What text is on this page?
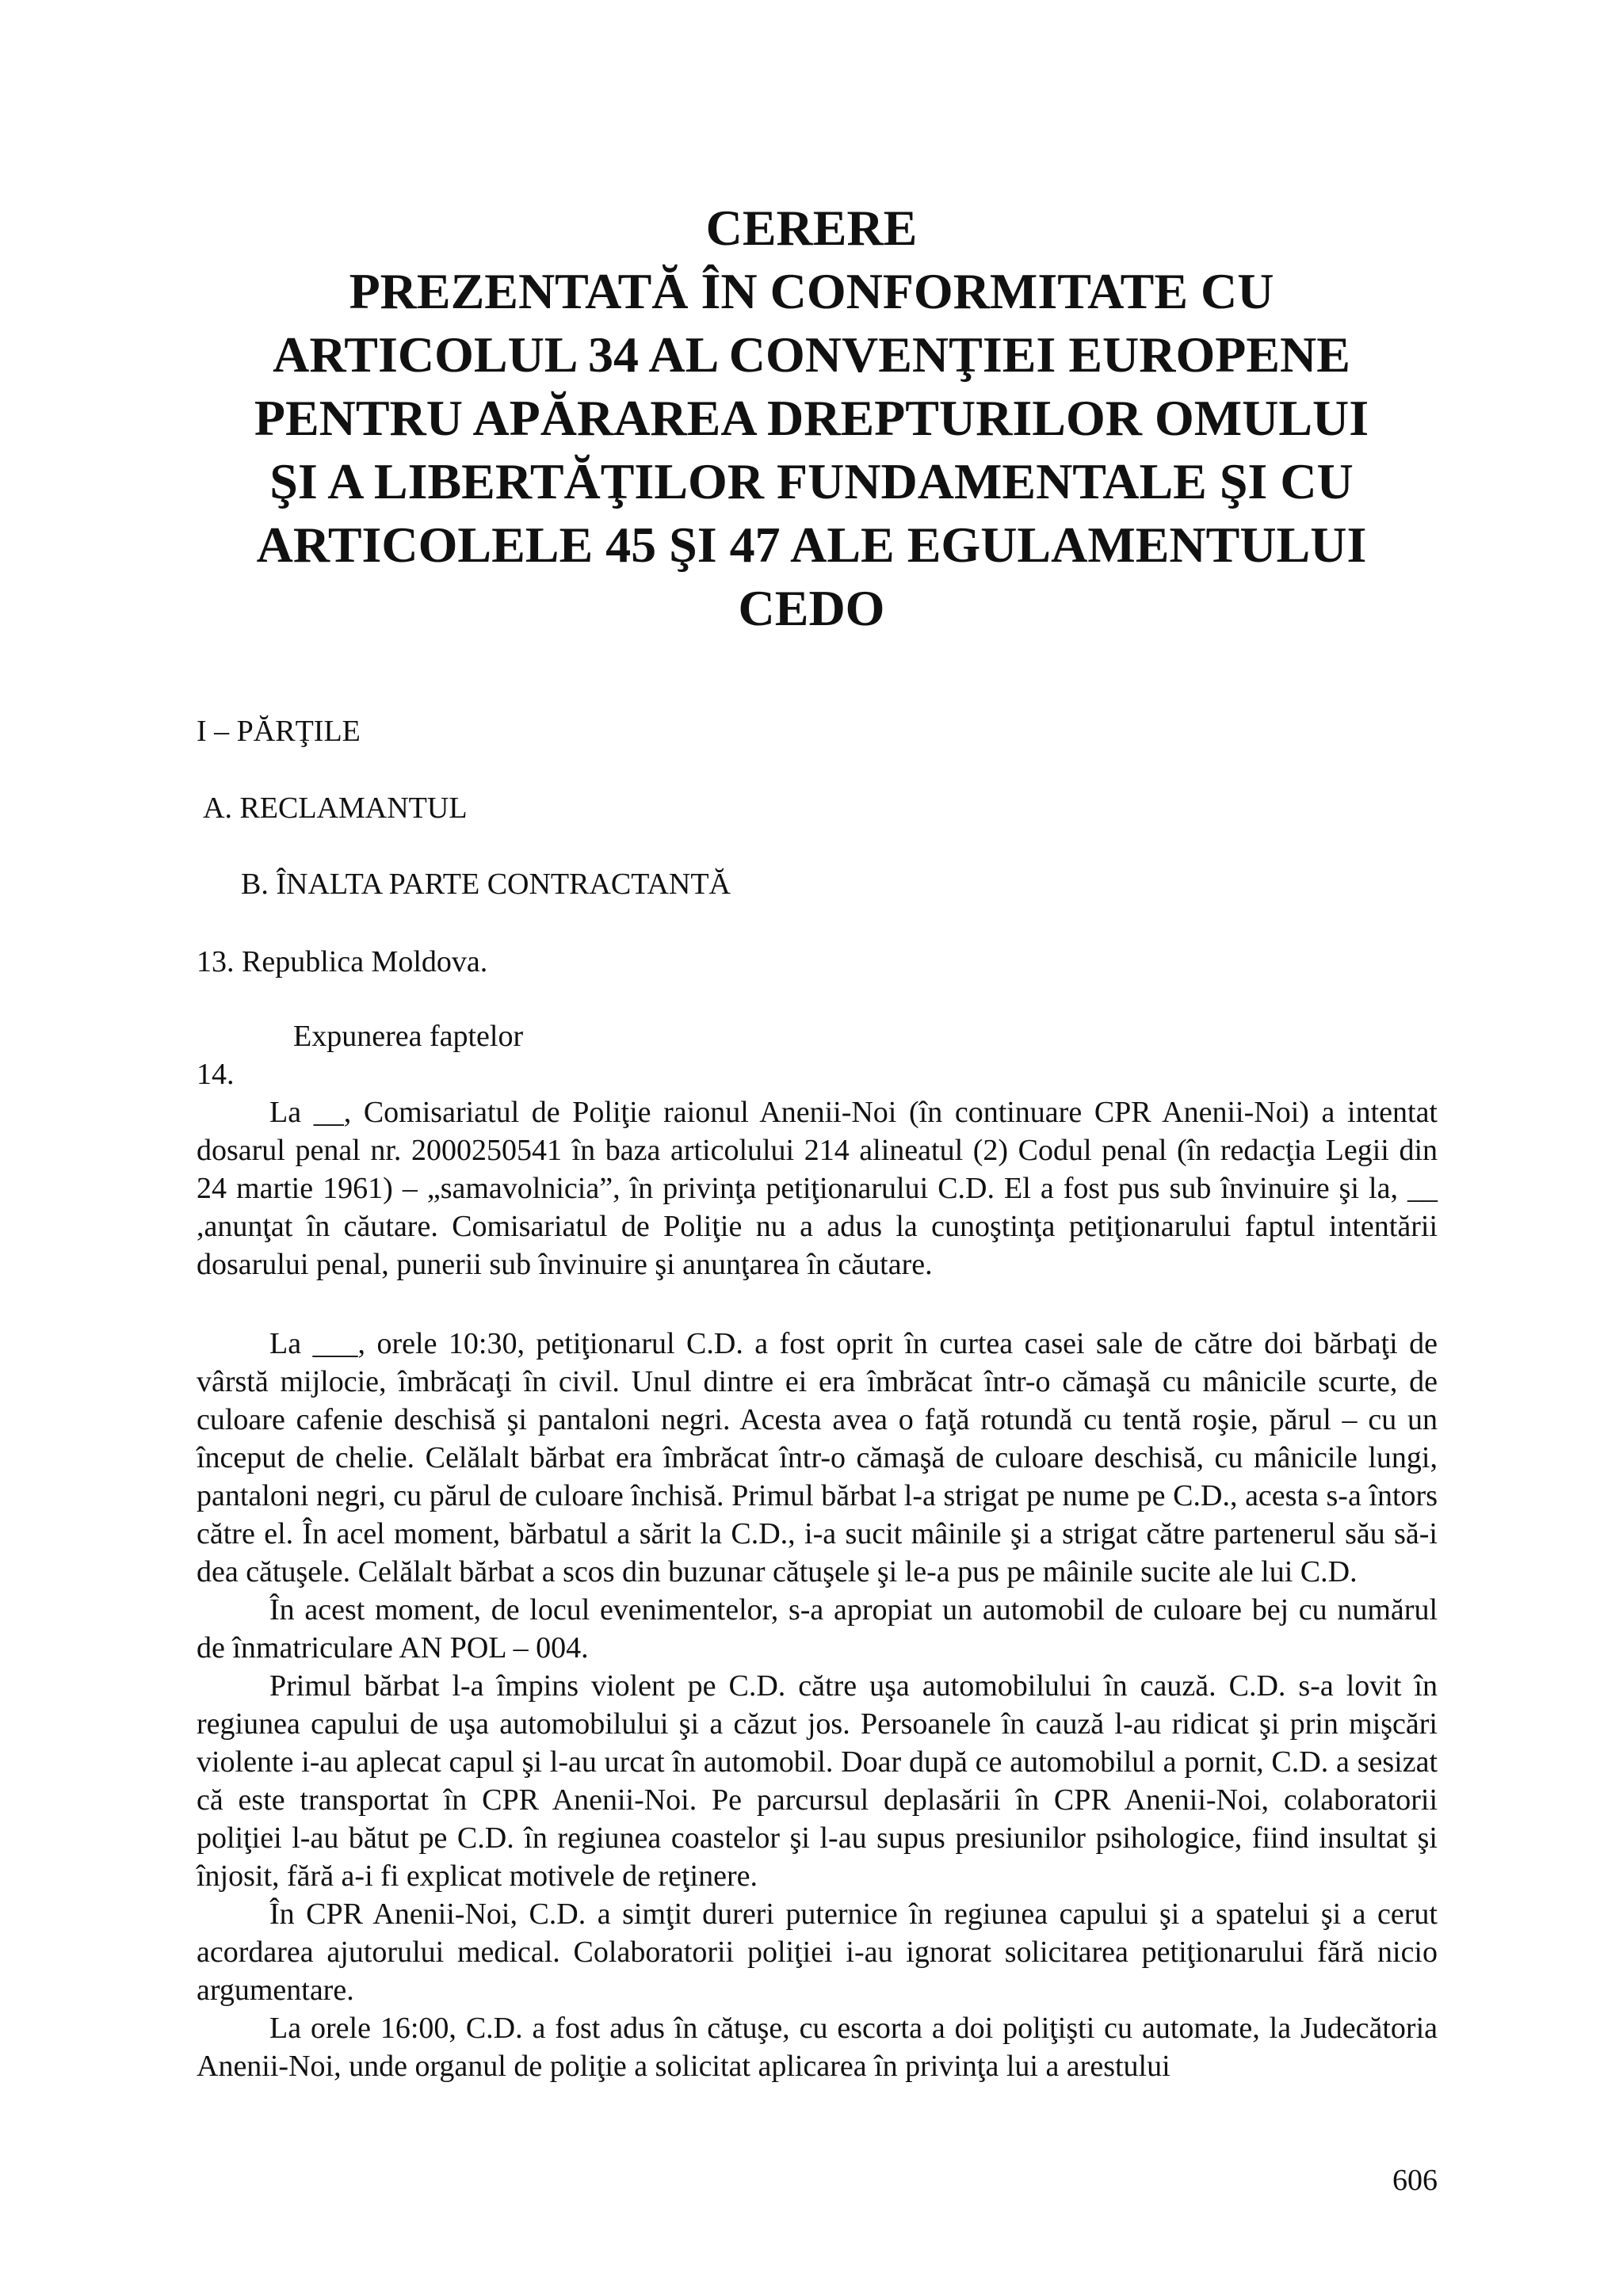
CERERE
PREZENTATĂ ÎN CONFORMITATE CU
ARTICOLUL 34 AL CONVENŢIEI EUROPENE
PENTRU APĂRAREA DREPTURILOR OMULUI
ŞI A LIBERTĂŢILOR FUNDAMENTALE ŞI CU
ARTICOLELE 45 ŞI 47 ALE EGULAMENTULUI
CEDO
I – PĂRŢILE
A. RECLAMANTUL
B. ÎNALTA PARTE CONTRACTANTĂ
13. Republica Moldova.
Expunerea faptelor
14.

La __, Comisariatul de Poliţie raionul Anenii-Noi (în continuare CPR Anenii-Noi) a intentat dosarul penal nr. 2000250541 în baza articolului 214 alineatul (2) Codul penal (în redacţia Legii din 24 martie 1961) – „samavolnicia”, în privinţa petiţionarului C.D. El a fost pus sub învinuire şi la, __ ,anunţat în căutare. Comisariatul de Poliţie nu a adus la cunoştinţa petiţionarului faptul intentării dosarului penal, punerii sub învinuire şi anunţarea în căutare.

La ___, orele 10:30, petiţionarul C.D. a fost oprit în curtea casei sale de către doi bărbaţi de vârstă mijlocie, îmbrăcaţi în civil. Unul dintre ei era îmbrăcat într-o cămaşă cu mânicile scurte, de culoare cafenie deschisă şi pantaloni negri. Acesta avea o faţă rotundă cu tentă roşie, părul – cu un început de chelie. Celălalt bărbat era îmbrăcat într-o cămaşă de culoare deschisă, cu mânicile lungi, pantaloni negri, cu părul de culoare închisă. Primul bărbat l-a strigat pe nume pe C.D., acesta s-a întors către el. În acel moment, bărbatul a sărit la C.D., i-a sucit mâinile şi a strigat către partenerul său să-i dea cătuşele. Celălalt bărbat a scos din buzunar cătuşele şi le-a pus pe mâinile sucite ale lui C.D.

În acest moment, de locul evenimentelor, s-a apropiat un automobil de culoare bej cu numărul de înmatriculare AN POL – 004.

Primul bărbat l-a împins violent pe C.D. către uşa automobilului în cauză. C.D. s-a lovit în regiunea capului de uşa automobilului şi a căzut jos. Persoanele în cauză l-au ridicat şi prin mişcări violente i-au aplecat capul şi l-au urcat în automobil. Doar după ce automobilul a pornit, C.D. a sesizat că este transportat în CPR Anenii-Noi. Pe parcursul deplasării în CPR Anenii-Noi, colaboratorii poliţiei l-au bătut pe C.D. în regiunea coastelor şi l-au supus presiunilor psihologice, fiind insultat şi înjosit, fără a-i fi explicat motivele de reţinere.

În CPR Anenii-Noi, C.D. a simţit dureri puternice în regiunea capului şi a spatelui şi a cerut acordarea ajutorului medical. Colaboratorii poliţiei i-au ignorat solicitarea petiţionarului fără nicio argumentare.

La orele 16:00, C.D. a fost adus în cătuşe, cu escorta a doi poliţişti cu automate, la Judecătoria Anenii-Noi, unde organul de poliţie a solicitat aplicarea în privinţa lui a arestului

606
